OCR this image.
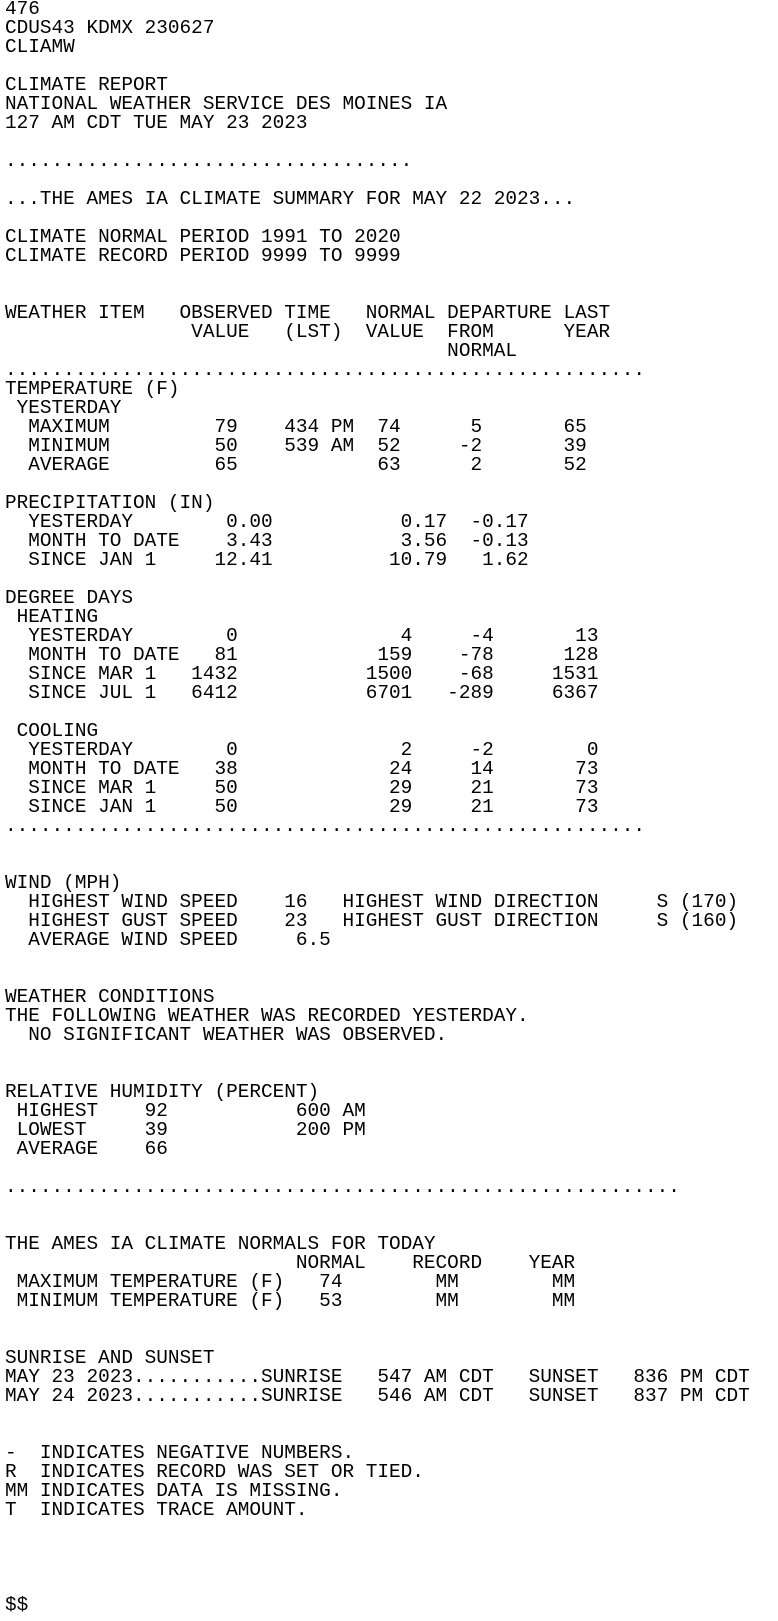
476
CDUS43 KDMX 230627
CLIAMW
CLIMATE REPORT
NATIONAL WEATHER SERVICE DES MOINES IA
127 AM CDT TUE MAY 23 2023
...................................
...THE AMES IA CLIMATE SUMMARY FOR MAY 22 2023...
CLIMATE NORMAL PERIOD 1991 TO 2020
CLIMATE RECORD PERIOD 9999 TO 9999
WEATHER ITEM   OBSERVED TIME   NORMAL DEPARTURE LAST
VALUE   (LST)  VALUE  FROM      YEAR
NORMAL
.......................................................
TEMPERATURE (F)
YESTERDAY
MAXIMUM         79    434 PM  74      5       65
MINIMUM         50    539 AM  52     -2       39
AVERAGE         65            63      2       52
PRECIPITATION (IN)
YESTERDAY        0.00           0.17  -0.17
MONTH TO DATE    3.43           3.56  -0.13
SINCE JAN 1     12.41          10.79   1.62
DEGREE DAYS
HEATING
YESTERDAY        0              4     -4       13
MONTH TO DATE   81            159    -78      128
SINCE MAR 1   1432           1500    -68     1531
SINCE JUL 1   6412           6701   -289     6367
COOLING
YESTERDAY        0              2     -2        0
MONTH TO DATE   38             24     14       73
SINCE MAR 1     50             29     21       73
SINCE JAN 1     50             29     21       73
.......................................................
WIND (MPH)
HIGHEST WIND SPEED    16   HIGHEST WIND DIRECTION     S (170)
HIGHEST GUST SPEED    23   HIGHEST GUST DIRECTION     S (160)
AVERAGE WIND SPEED     6.5
WEATHER CONDITIONS
THE FOLLOWING WEATHER WAS RECORDED YESTERDAY.
NO SIGNIFICANT WEATHER WAS OBSERVED.
RELATIVE HUMIDITY (PERCENT)
HIGHEST    92           600 AM
LOWEST     39           200 PM
AVERAGE    66
..........................................................
THE AMES IA CLIMATE NORMALS FOR TODAY
NORMAL    RECORD    YEAR
MAXIMUM TEMPERATURE (F)   74        MM        MM
MINIMUM TEMPERATURE (F)   53        MM        MM
SUNRISE AND SUNSET
MAY 23 2023...........SUNRISE   547 AM CDT   SUNSET   836 PM CDT
MAY 24 2023...........SUNRISE   546 AM CDT   SUNSET   837 PM CDT
-  INDICATES NEGATIVE NUMBERS.
R  INDICATES RECORD WAS SET OR TIED.
MM INDICATES DATA IS MISSING.
T  INDICATES TRACE AMOUNT.
$$
